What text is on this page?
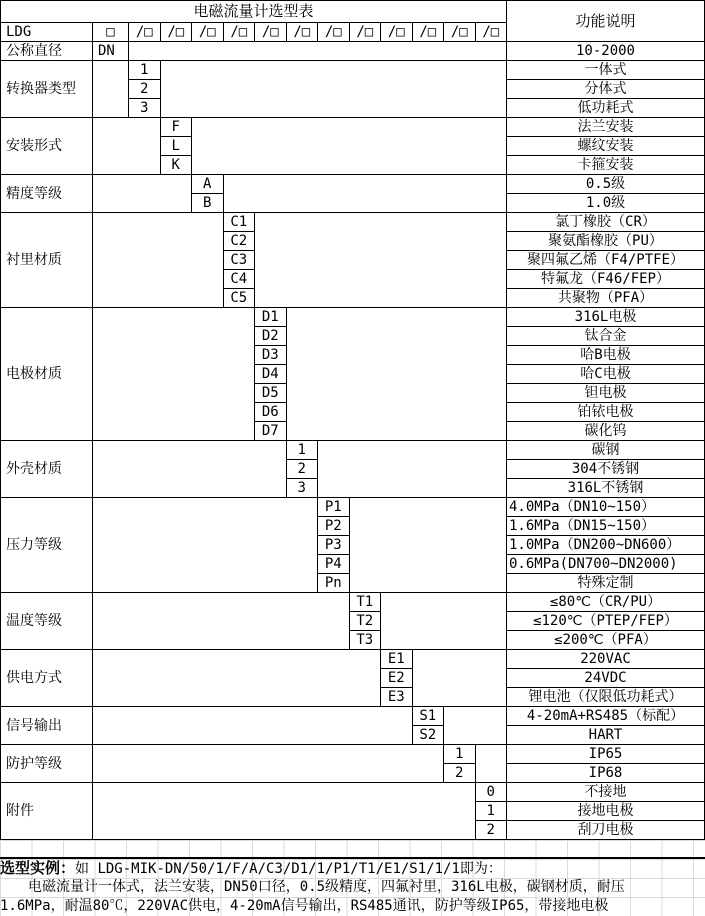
电磁流量计选型表
功能说明
LDG	□	/□	/□	/□	/□	/□	/□	/□	/□	/□	/□	/□	/□
公称直径	DN	10-2000
转换器类型
1	一体式
2	分体式
3	低功耗式
安装形式
F	法兰安装
L	螺纹安装
K	卡箍安装
精度等级
A	0.5级
B	1.0级
衬里材质
C1	氯丁橡胶（CR）
C2	聚氨酯橡胶（PU）
C3	聚四氟乙烯（F4/PTFE）
C4	特氟龙（F46/FEP）
C5	共聚物（PFA）
电极材质
D1	316L电极
D2	钛合金
D3	哈B电极
D4	哈C电极
D5	钽电极
D6	铂铱电极
D7	碳化钨
外壳材质
1	碳钢
2	304不锈钢
3	316L不锈钢
压力等级
P1	4.0MPa（DN10~150）
P2	1.6MPa（DN15~150）
P3	1.0MPa（DN200~DN600）
P4	0.6MPa(DN700~DN2000)
Pn	特殊定制
温度等级
T1	≤80℃（CR/PU）
T2	≤120℃（PTEP/FEP）
T3	≤200℃（PFA）
供电方式
E1	220VAC
E2	24VDC
E3	锂电池（仅限低功耗式）
信号输出
S1	4-20mA+RS485（标配）
S2	HART
防护等级
1	IP65
2	IP68
附件
0	不接地
1	接地电极
2	刮刀电极
选型实例：如 LDG-MIK-DN/50/1/F/A/C3/D1/1/P1/T1/E1/S1/1/1即为：
电磁流量计一体式，法兰安装，DN50口径，0.5级精度，四氟衬里，316L电极，碳钢材质，耐压
1.6MPa，耐温80℃，220VAC供电，4-20mA信号输出，RS485通讯，防护等级IP65，带接地电极
